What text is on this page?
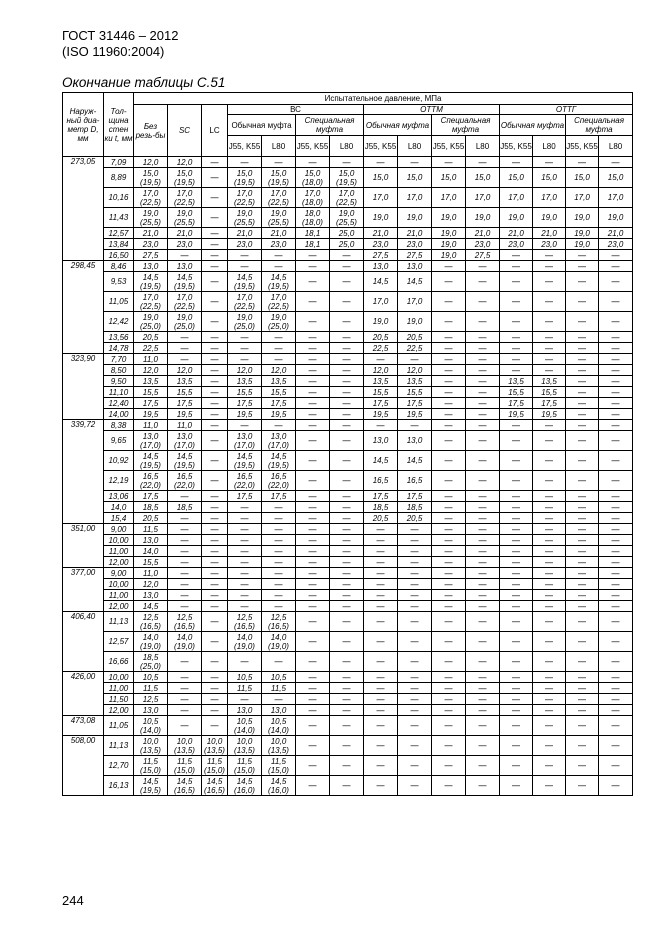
ГОСТ 31446 – 2012
(ISO 11960:2004)
Окончание таблицы С.51
Наруж-ный диа-метр D, мм	Тол-щина стен ки t, мм	Испытательное давление, МПа														
		Без резь-бы	SC	LC	ВС				ОТТМ				ОТТГ			
					Обычная муфта		Специальная муфта		Обычная муфта		Специальная муфта		Обычная муфта		Специальная муфта	
					J55, K55	L80	J55, K55	L80	J55, K55	L80	J55, K55	L80	J55, K55	L80	J55, K55	L80
273,05	7,09	12,0	12,0	—	—	—	—	—	—	—	—	—	—	—	—	—
	8,89	15,0 (19,5)	15,0 (19,5)	—	15,0 (19,5)	15,0 (19,5)	15,0 (18,0)	15,0 (19,5)	15,0	15,0	15,0	15,0	15,0	15,0	15,0	15,0
	10,16	17,0 (22,5)	17,0 (22,5)	—	17,0 (22,5)	17,0 (22,5)	17,0 (18,0)	17,0 (22,5)	17,0	17,0	17,0	17,0	17,0	17,0	17,0	17,0
	11,43	19,0 (25,5)	19,0 (25,5)	—	19,0 (25,5)	19,0 (25,5)	18,0 (18,0)	19,0 (25,5)	19,0	19,0	19,0	19,0	19,0	19,0	19,0	19,0
	12,57	21,0	21,0	—	21,0	21,0	18,1	25,0	21,0	21,0	19,0	21,0	21,0	21,0	19,0	21,0
	13,84	23,0	23,0	—	23,0	23,0	18,1	25,0	23,0	23,0	19,0	23,0	23,0	23,0	19,0	23,0
	16,50	27,5	—	—	—	—	—	—	27,5	27,5	19,0	27,5	—	—	—	—
298,45	8,46	13,0	13,0	—	—	—	—	—	13,0	13,0	—	—	—	—	—	—
	9,53	14,5 (19,5)	14,5 (19,5)	—	14,5 (19,5)	14,5 (19,5)	—	—	14,5	14,5	—	—	—	—	—	—
	11,05	17,0 (22,5)	17,0 (22,5)	—	17,0 (22,5)	17,0 (22,5)	—	—	17,0	17,0	—	—	—	—	—	—
	12,42	19,0 (25,0)	19,0 (25,0)	—	19,0 (25,0)	19,0 (25,0)	—	—	19,0	19,0	—	—	—	—	—	—
	13,56	20,5	—	—	—	—	—	—	20,5	20,5	—	—	—	—	—	—
	14,78	22,5	—	—	—	—	—	—	22,5	22,5	—	—	—	—	—	—
323,90	7,70	11,0	—	—	—	—	—	—	—	—	—	—	—	—	—	—
	8,50	12,0	12,0	—	12,0	12,0	—	—	12,0	12,0	—	—	—	—	—	—
	9,50	13,5	13,5	—	13,5	13,5	—	—	13,5	13,5	—	—	13,5	13,5	—	—
	11,10	15,5	15,5	—	15,5	15,5	—	—	15,5	15,5	—	—	15,5	15,5	—	—
	12,40	17,5	17,5	—	17,5	17,5	—	—	17,5	17,5	—	—	17,5	17,5	—	—
	14,00	19,5	19,5	—	19,5	19,5	—	—	19,5	19,5	—	—	19,5	19,5	—	—
339,72	8,38	11,0	11,0	—	—	—	—	—	—	—	—	—	—	—	—	—
	9,65	13,0 (17,0)	13,0 (17,0)	—	13,0 (17,0)	13,0 (17,0)	—	—	13,0	13,0	—	—	—	—	—	—
	10,92	14,5 (19,5)	14,5 (19,5)	—	14,5 (19,5)	14,5 (19,5)	—	—	14,5	14,5	—	—	—	—	—	—
	12,19	16,5 (22,0)	16,5 (22,0)	—	16,5 (22,0)	16,5 (22,0)	—	—	16,5	16,5	—	—	—	—	—	—
	13,06	17,5	—	—	17,5	17,5	—	—	17,5	17,5	—	—	—	—	—	—
	14,0	18,5	18,5	—	—	—	—	—	18,5	18,5	—	—	—	—	—	—
	15,4	20,5	—	—	—	—	—	—	20,5	20,5	—	—	—	—	—	—
351,00	9,00	11,5	—	—	—	—	—	—	—	—	—	—	—	—	—	—
	10,00	13,0	—	—	—	—	—	—	—	—	—	—	—	—	—	—
	11,00	14,0	—	—	—	—	—	—	—	—	—	—	—	—	—	—
	12,00	15,5	—	—	—	—	—	—	—	—	—	—	—	—	—	—
377,00	9,00	11,0	—	—	—	—	—	—	—	—	—	—	—	—	—	—
	10,00	12,0	—	—	—	—	—	—	—	—	—	—	—	—	—	—
	11,00	13,0	—	—	—	—	—	—	—	—	—	—	—	—	—	—
	12,00	14,5	—	—	—	—	—	—	—	—	—	—	—	—	—	—
406,40	11,13	12,5 (16,5)	12,5 (16,5)	—	12,5 (16,5)	12,5 (16,5)	—	—	—	—	—	—	—	—	—	—
	12,57	14,0 (19,0)	14,0 (19,0)	—	14,0 (19,0)	14,0 (19,0)	—	—	—	—	—	—	—	—	—	—
	16,66	18,5 (25,0)	—	—	—	—	—	—	—	—	—	—	—	—	—	—
426,00	10,00	10,5	—	—	10,5	10,5	—	—	—	—	—	—	—	—	—	—
	11,00	11,5	—	—	11,5	11,5	—	—	—	—	—	—	—	—	—	—
	11,50	12,5	—	—	—	—	—	—	—	—	—	—	—	—	—	—
	12,00	13,0	—	—	13,0	13,0	—	—	—	—	—	—	—	—	—	—
473,08	11,05	10,5 (14,0)	—	—	10,5 (14,0)	10,5 (14,0)	—	—	—	—	—	—	—	—	—	—
508,00	11,13	10,0 (13,5)	10,0 (13,5)	10,0 (13,5)	10,0 (13,5)	10,0 (13,5)	—	—	—	—	—	—	—	—	—	—
	12,70	11,5 (15,0)	11,5 (15,0)	11,5 (15,0)	11,5 (15,0)	11,5 (15,0)	—	—	—	—	—	—	—	—	—	—
	16,13	14,5 (19,5)	14,5 (16,5)	14,5 (16,5)	14,5 (16,0)	14,5 (16,0)	—	—	—	—	—	—	—	—	—	—
244
